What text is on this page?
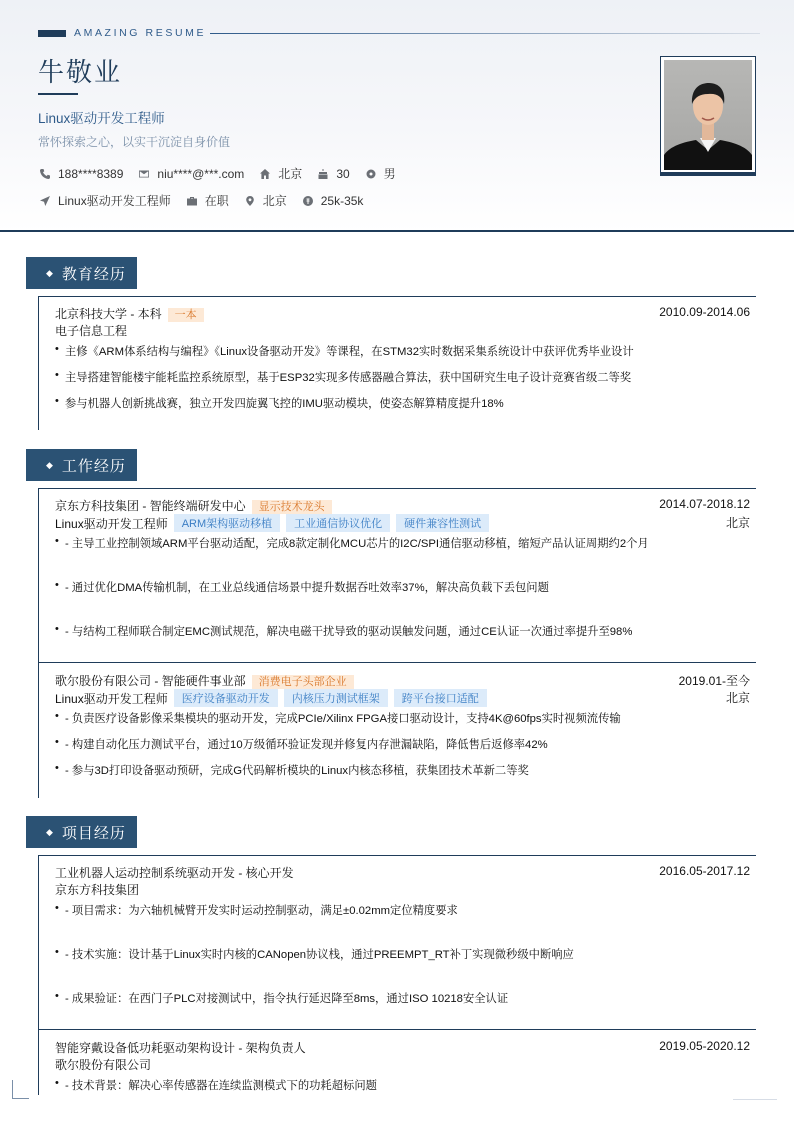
AMAZING RESUME
牛敬业
Linux驱动开发工程师
常怀探索之心，以实干沉淀自身价值
188****8389	niu****@***.com	北京	30	男
Linux驱动开发工程师	在职	北京	25k-35k
◆ 教育经历
北京科技大学 - 本科 一本	2010.09-2014.06
电子信息工程
• 主修《ARM体系结构与编程》《Linux设备驱动开发》等课程，在STM32实时数据采集系统设计中获评优秀毕业设计
• 主导搭建智能楼宇能耗监控系统原型，基于ESP32实现多传感器融合算法，获中国研究生电子设计竞赛省级二等奖
• 参与机器人创新挑战赛，独立开发四旋翼飞控的IMU驱动模块，使姿态解算精度提升18%
◆ 工作经历
京东方科技集团 - 智能终端研发中心 显示技术龙头	2014.07-2018.12
Linux驱动开发工程师	ARM架构驱动移植	工业通信协议优化	硬件兼容性测试	北京
• - 主导工业控制领域ARM平台驱动适配，完成8款定制化MCU芯片的I2C/SPI通信驱动移植，缩短产品认证周期约2个月
• - 通过优化DMA传输机制，在工业总线通信场景中提升数据吞吐效率37%，解决高负载下丢包问题
• - 与结构工程师联合制定EMC测试规范，解决电磁干扰导致的驱动误触发问题，通过CE认证一次通过率提升至98%
歌尔股份有限公司 - 智能硬件事业部 消费电子头部企业	2019.01-至今
Linux驱动开发工程师	医疗设备驱动开发	内核压力测试框架	跨平台接口适配	北京
• - 负责医疗设备影像采集模块的驱动开发，完成PCIe/Xilinx FPGA接口驱动设计，支持4K@60fps实时视频流传输
• - 构建自动化压力测试平台，通过10万级循环验证发现并修复内存泄漏缺陷，降低售后返修率42%
• - 参与3D打印设备驱动预研，完成G代码解析模块的Linux内核态移植，获集团技术革新二等奖
◆ 项目经历
工业机器人运动控制系统驱动开发 - 核心开发	2016.05-2017.12
京东方科技集团
• - 项目需求：为六轴机械臂开发实时运动控制驱动，满足±0.02mm定位精度要求
• - 技术实施：设计基于Linux实时内核的CANopen协议栈，通过PREEMPT_RT补丁实现微秒级中断响应
• - 成果验证：在西门子PLC对接测试中，指令执行延迟降至8ms，通过ISO 10218安全认证
智能穿戴设备低功耗驱动架构设计 - 架构负责人	2019.05-2020.12
歌尔股份有限公司
• - 技术背景：解决心率传感器在连续监测模式下的功耗超标问题
